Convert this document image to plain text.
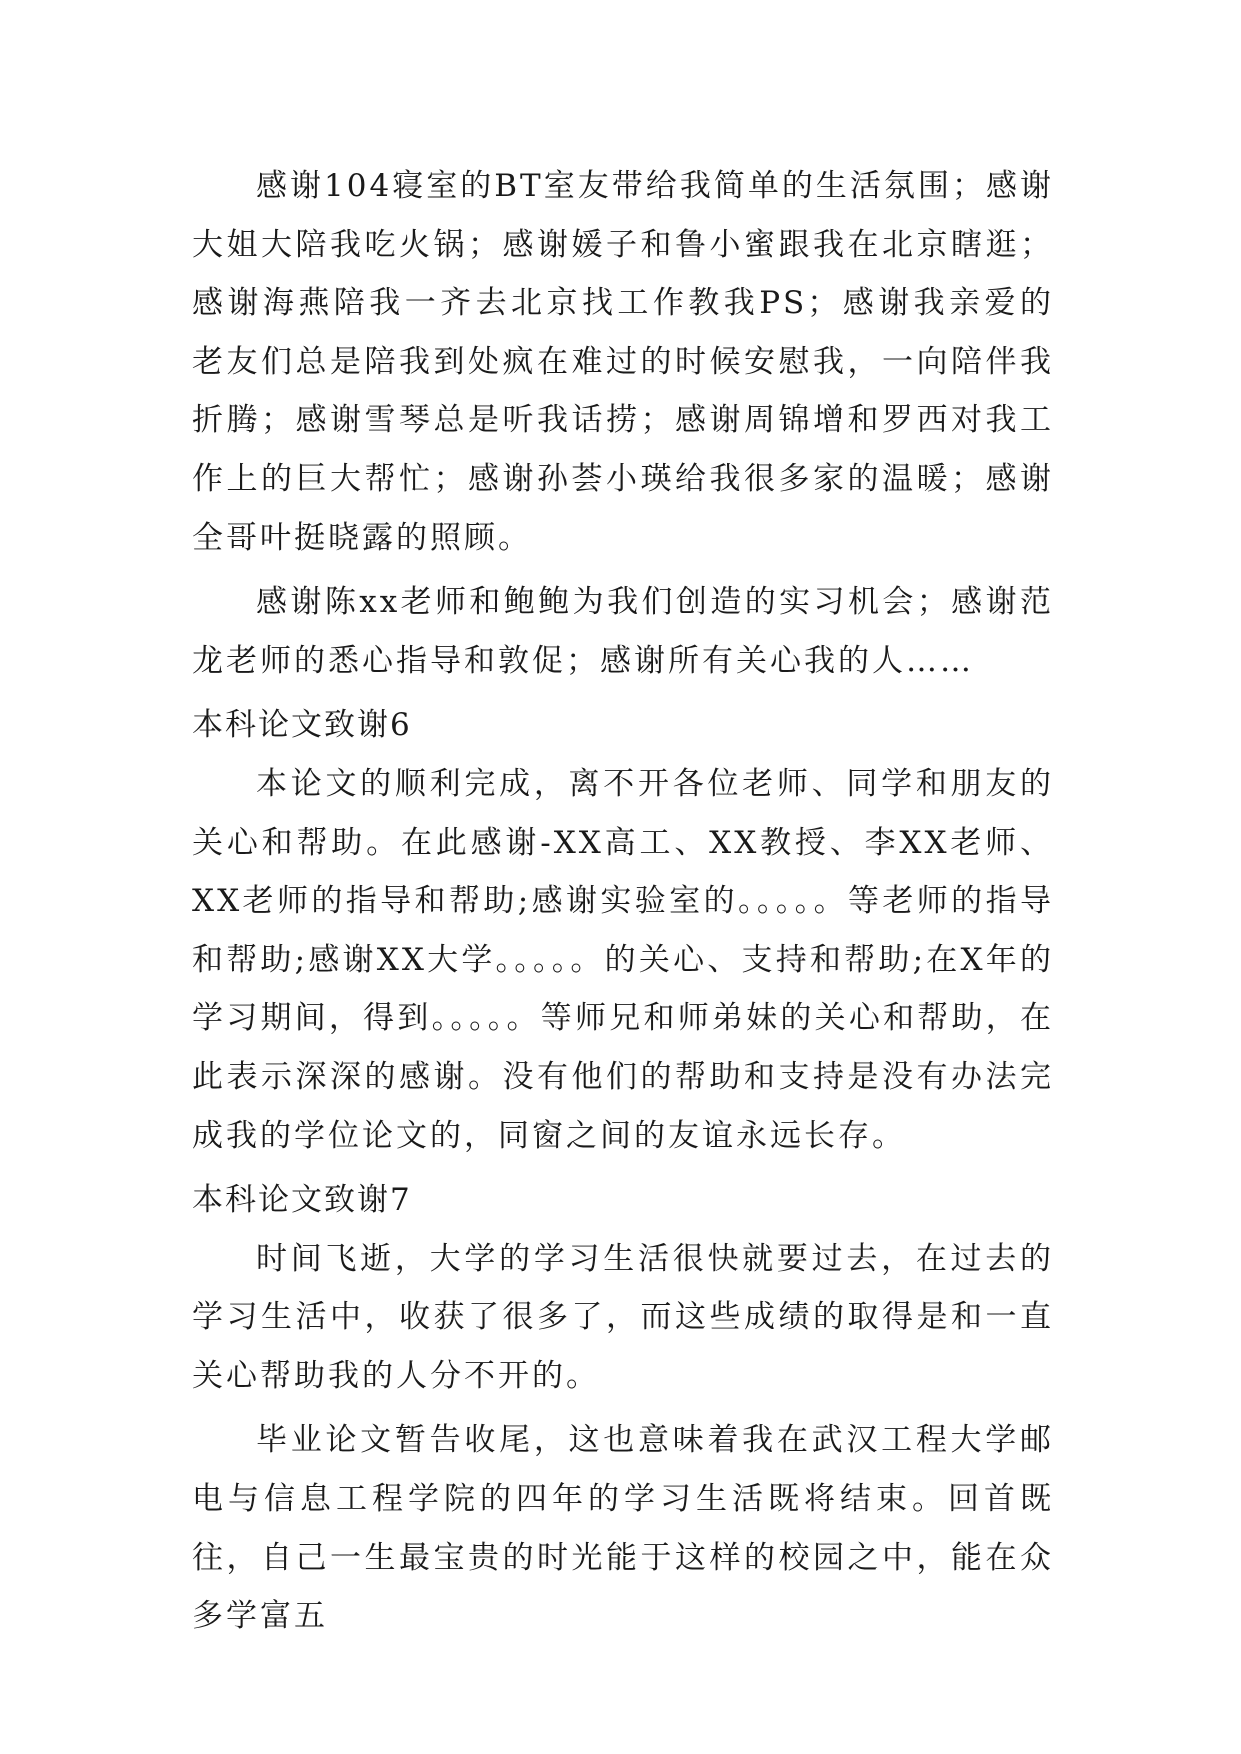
感谢104寝室的BT室友带给我简单的生活氛围；感谢大姐大陪我吃火锅；感谢媛子和鲁小蜜跟我在北京瞎逛；感谢海燕陪我一齐去北京找工作教我PS；感谢我亲爱的老友们总是陪我到处疯在难过的时候安慰我，一向陪伴我折腾；感谢雪琴总是听我话捞；感谢周锦增和罗西对我工作上的巨大帮忙；感谢孙荟小瑛给我很多家的温暖；感谢全哥叶挺晓露的照顾。

感谢陈xx老师和鲍鲍为我们创造的实习机会；感谢范龙老师的悉心指导和敦促；感谢所有关心我的人……

本科论文致谢6

本论文的顺利完成，离不开各位老师、同学和朋友的关心和帮助。在此感谢-XX高工、XX教授、李XX老师、XX老师的指导和帮助;感谢实验室的。。。。。等老师的指导和帮助;感谢XX大学。。。。。的关心、支持和帮助;在X年的学习期间，得到。。。。。等师兄和师弟妹的关心和帮助，在此表示深深的感谢。没有他们的帮助和支持是没有办法完成我的学位论文的，同窗之间的友谊永远长存。

本科论文致谢7

时间飞逝，大学的学习生活很快就要过去，在过去的学习生活中，收获了很多了，而这些成绩的取得是和一直关心帮助我的人分不开的。

毕业论文暂告收尾，这也意味着我在武汉工程大学邮电与信息工程学院的四年的学习生活既将结束。回首既往，自己一生最宝贵的时光能于这样的校园之中，能在众多学富五
